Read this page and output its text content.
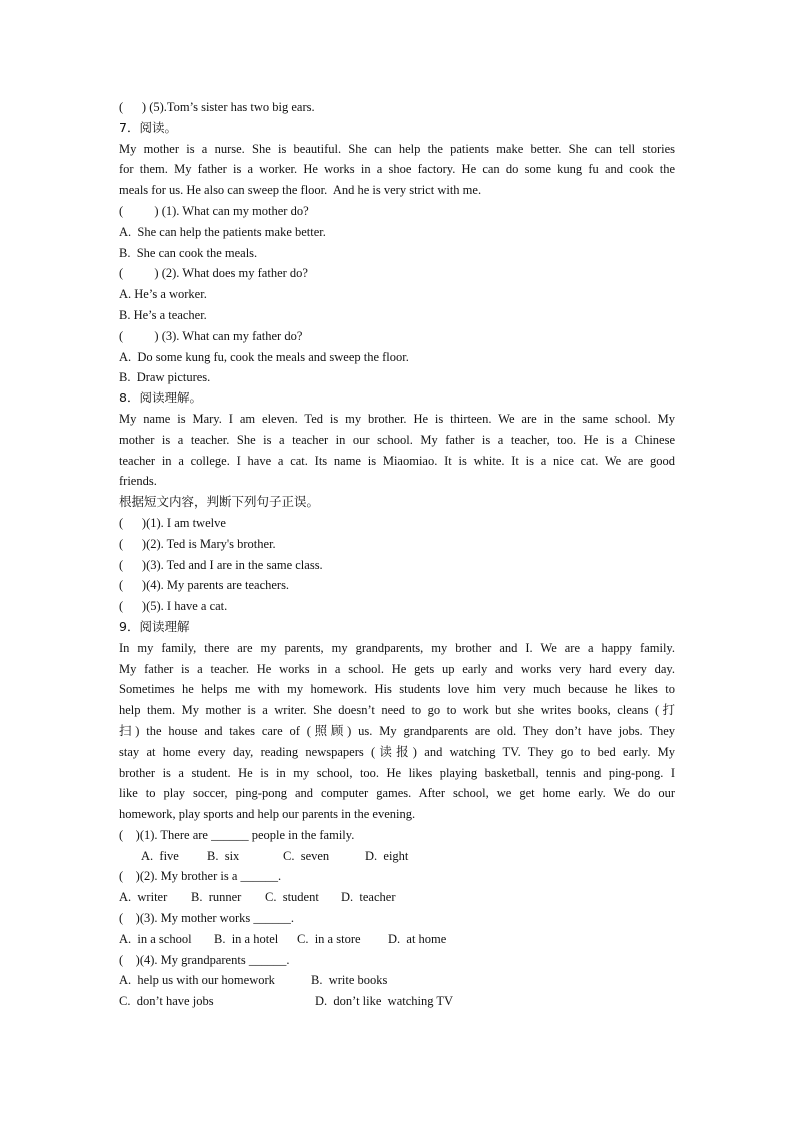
(      ) (5).Tom’s sister has two big ears.
7．阅读。
My mother is a nurse. She is beautiful. She can help the patients make better. She can tell stories
for them. My father is a worker. He works in a shoe factory. He can do some kung fu and cook the
meals for us. He also can sweep the floor.  And he is very strict with me.
(          ) (1). What can my mother do?
A.  She can help the patients make better.
B.  She can cook the meals.
(          ) (2). What does my father do?
A. He’s a worker.
B. He’s a teacher.
(          ) (3). What can my father do?
A.  Do some kung fu, cook the meals and sweep the floor.
B.  Draw pictures.
8．阅读理解。
My name is Mary. I am eleven. Ted is my brother. He is thirteen. We are in the same school. My
mother is a teacher. She is a teacher in our school. My father is a teacher, too. He is a Chinese
teacher in a college. I have a cat. Its name is Miaomiao. It is white. It is a nice cat. We are good
friends.
根据短文内容，判断下列句子正误。
(      )(1). I am twelve
(      )(2). Ted is Mary's brother.
(      )(3). Ted and I are in the same class.
(      )(4). My parents are teachers.
(      )(5). I have a cat.
9．阅读理解
In my family, there are my parents, my grandparents, my brother and I. We are a happy family.
My father is a teacher. He works in a school. He gets up early and works very hard every day.
Sometimes he helps me with my homework. His students love him very much because he likes to
help them. My mother is a writer. She doesn’t need to go to work but she writes books, cleans (打
扫) the house and takes care of (照顾) us. My grandparents are old. They don’t have jobs. They
stay at home every day, reading newspapers (读报) and watching TV. They go to bed early. My
brother is a student. He is in my school, too. He likes playing basketball, tennis and ping-pong. I
like to play soccer, ping-pong and computer games. After school, we get home early. We do our
homework, play sports and help our parents in the evening.
(    )(1). There are ______ people in the family.
A.  five B.  six	C.  seven	D.  eight
(    )(2). My brother is a ______.
A.  writer B.  runner C.  student D.  teacher
(    )(3). My mother works ______.
A.  in a school B.  in a hotel C.  in a store D.  at home
(    )(4). My grandparents ______.
A.  help us with our homework	B.  write books
C.  don’t have jobs	D.  don’t like  watching TV
